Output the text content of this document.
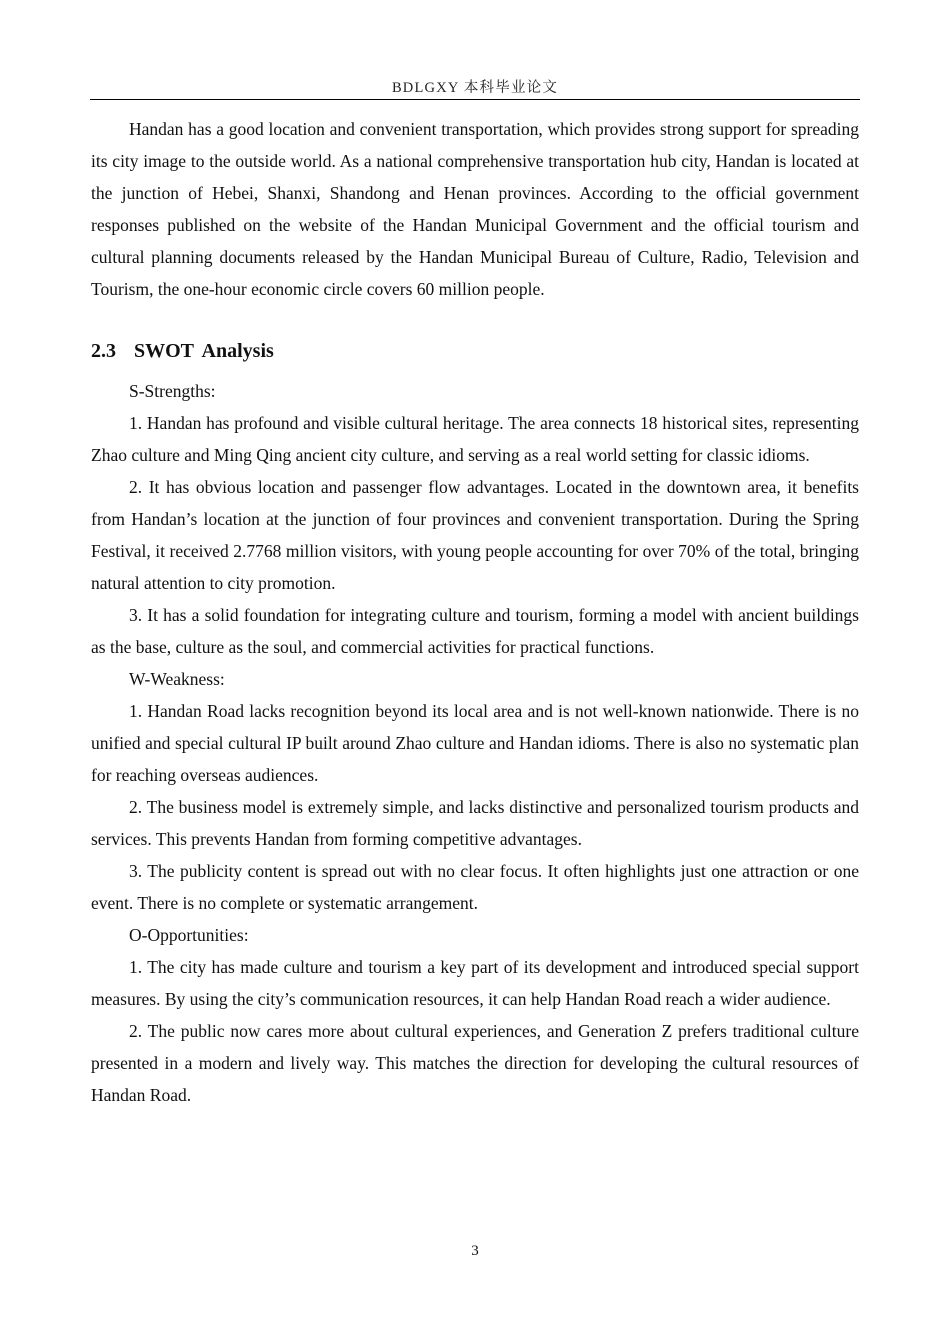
BDLGXY 本科毕业论文

Handan has a good location and convenient transportation, which provides strong support for spreading its city image to the outside world. As a national comprehensive transportation hub city, Handan is located at the junction of Hebei, Shanxi, Shandong and Henan provinces. According to the official government responses published on the website of the Handan Municipal Government and the official tourism and cultural planning documents released by the Handan Municipal Bureau of Culture, Radio, Television and Tourism, the one-hour economic circle covers 60 million people.

2.3 SWOT Analysis

S-Strengths:

1. Handan has profound and visible cultural heritage. The area connects 18 historical sites, representing Zhao culture and Ming Qing ancient city culture, and serving as a real world setting for classic idioms.

2. It has obvious location and passenger flow advantages. Located in the downtown area, it benefits from Handan’s location at the junction of four provinces and convenient transportation. During the Spring Festival, it received 2.7768 million visitors, with young people accounting for over 70% of the total, bringing natural attention to city promotion.

3. It has a solid foundation for integrating culture and tourism, forming a model with ancient buildings as the base, culture as the soul, and commercial activities for practical functions.

W-Weakness:

1. Handan Road lacks recognition beyond its local area and is not well-known nationwide. There is no unified and special cultural IP built around Zhao culture and Handan idioms. There is also no systematic plan for reaching overseas audiences.

2. The business model is extremely simple, and lacks distinctive and personalized tourism products and services. This prevents Handan from forming competitive advantages.

3. The publicity content is spread out with no clear focus. It often highlights just one attraction or one event. There is no complete or systematic arrangement.

O-Opportunities:

1. The city has made culture and tourism a key part of its development and introduced special support measures. By using the city’s communication resources, it can help Handan Road reach a wider audience.

2. The public now cares more about cultural experiences, and Generation Z prefers traditional culture presented in a modern and lively way. This matches the direction for developing the cultural resources of Handan Road.

3
